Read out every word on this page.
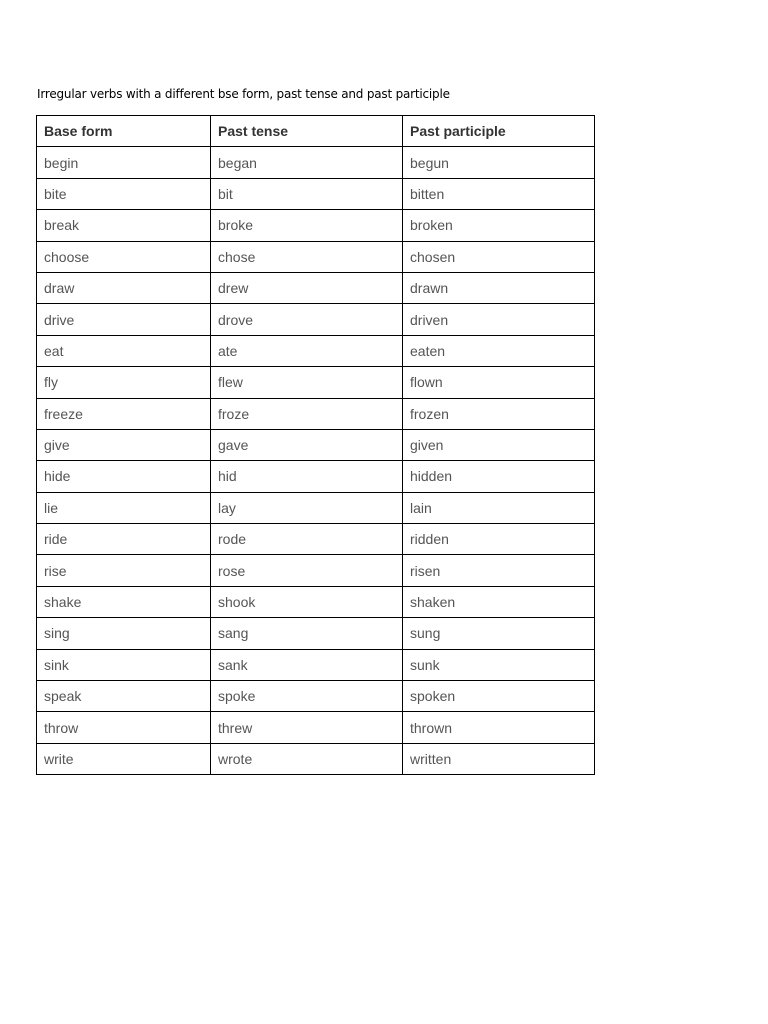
Irregular verbs with a different bse form, past tense and past participle
Base form	Past tense	Past participle
begin	began	begun
bite	bit	bitten
break	broke	broken
choose	chose	chosen
draw	drew	drawn
drive	drove	driven
eat	ate	eaten
fly	flew	flown
freeze	froze	frozen
give	gave	given
hide	hid	hidden
lie	lay	lain
ride	rode	ridden
rise	rose	risen
shake	shook	shaken
sing	sang	sung
sink	sank	sunk
speak	spoke	spoken
throw	threw	thrown
write	wrote	written
